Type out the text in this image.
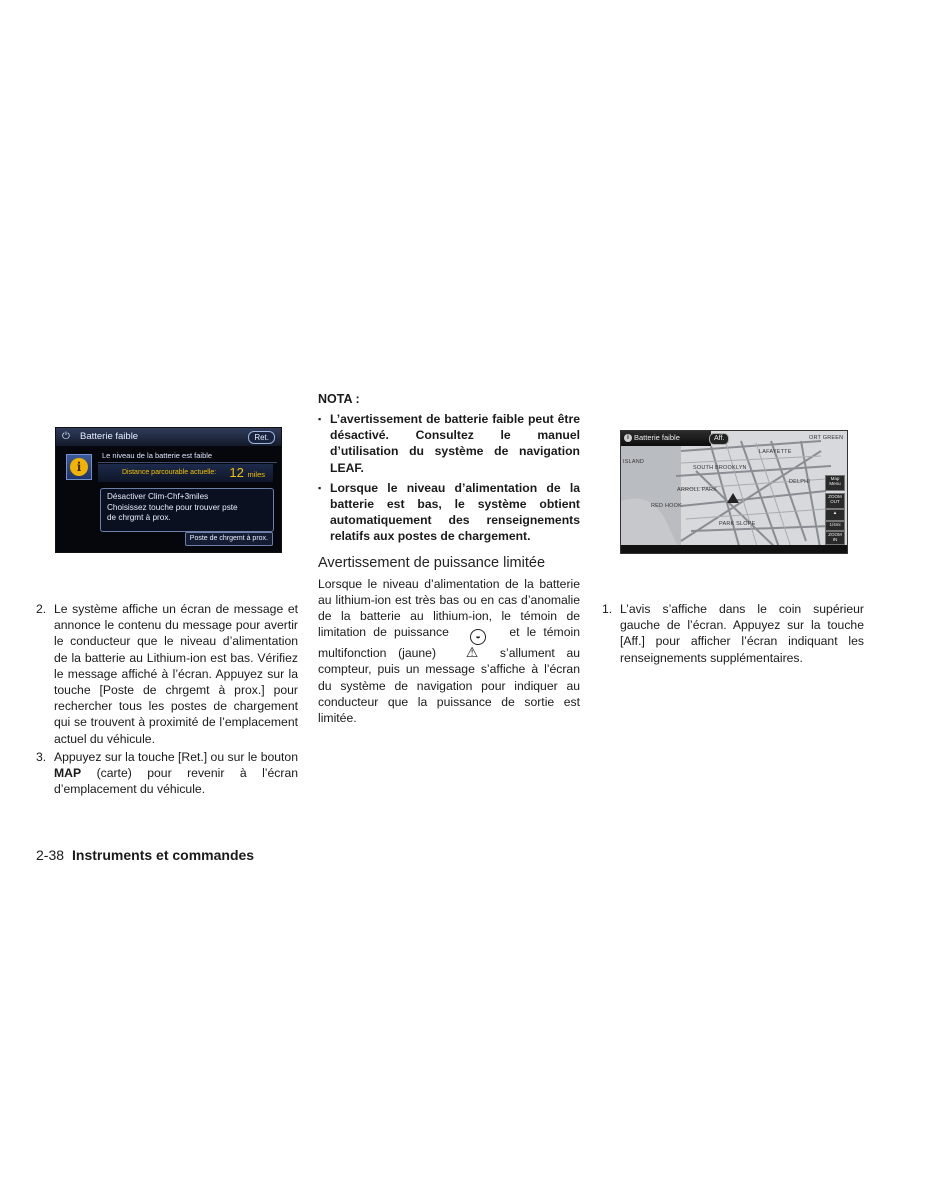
⏻	Batterie faible	Ret.
i
Le niveau de la batterie est faible
Distance parcourable actuelle: 12 miles
Désactiver Clim-Chf+3miles
Choisissez touche pour trouver pste
de chrgmt à prox.
Poste de chrgemt à prox.
2. Le système affiche un écran de message et annonce le contenu du message pour avertir le conducteur que le niveau d’alimentation de la batterie au Lithium-ion est bas. Vérifiez le message affiché à l’écran. Appuyez sur la touche [Poste de chrgemt à prox.] pour rechercher tous les postes de chargement qui se trouvent à proximité de l’emplacement actuel du véhicule.
3. Appuyez sur la touche [Ret.] ou sur le bouton MAP (carte) pour revenir à l’écran d’emplacement du véhicule.
NOTA :
▪ L’avertissement de batterie faible peut être désactivé. Consultez le manuel d’utilisation du système de navigation LEAF.
▪ Lorsque le niveau d’alimentation de la batterie est bas, le système obtient automatiquement des renseignements relatifs aux postes de chargement.
Avertissement de puissance limitée

Lorsque le niveau d’alimentation de la batterie au lithium-ion est très bas ou en cas d’anomalie de la batterie au lithium-ion, le témoin de limitation de puissance	◒ et le témoin multifonction (jaune) ⚠ s’allument au compteur, puis un message s’affiche à l’écran du système de navigation pour indiquer au conducteur que la puissance de sortie est limitée.

i Batterie faible	Aff.
ISLAND
SOUTH BROOKLYN
ARROLL PARK
RED HOOK
PARK SLOPE
ORT GREEN
DELPHI
LAFAYETTE
Map Menu
ZOOM OUT
▲
1/4mi
ZOOM IN
1. L’avis s’affiche dans le coin supérieur gauche de l’écran. Appuyez sur la touche [Aff.] pour afficher l’écran indiquant les renseignements supplémentaires.
2-38 Instruments et commandes
